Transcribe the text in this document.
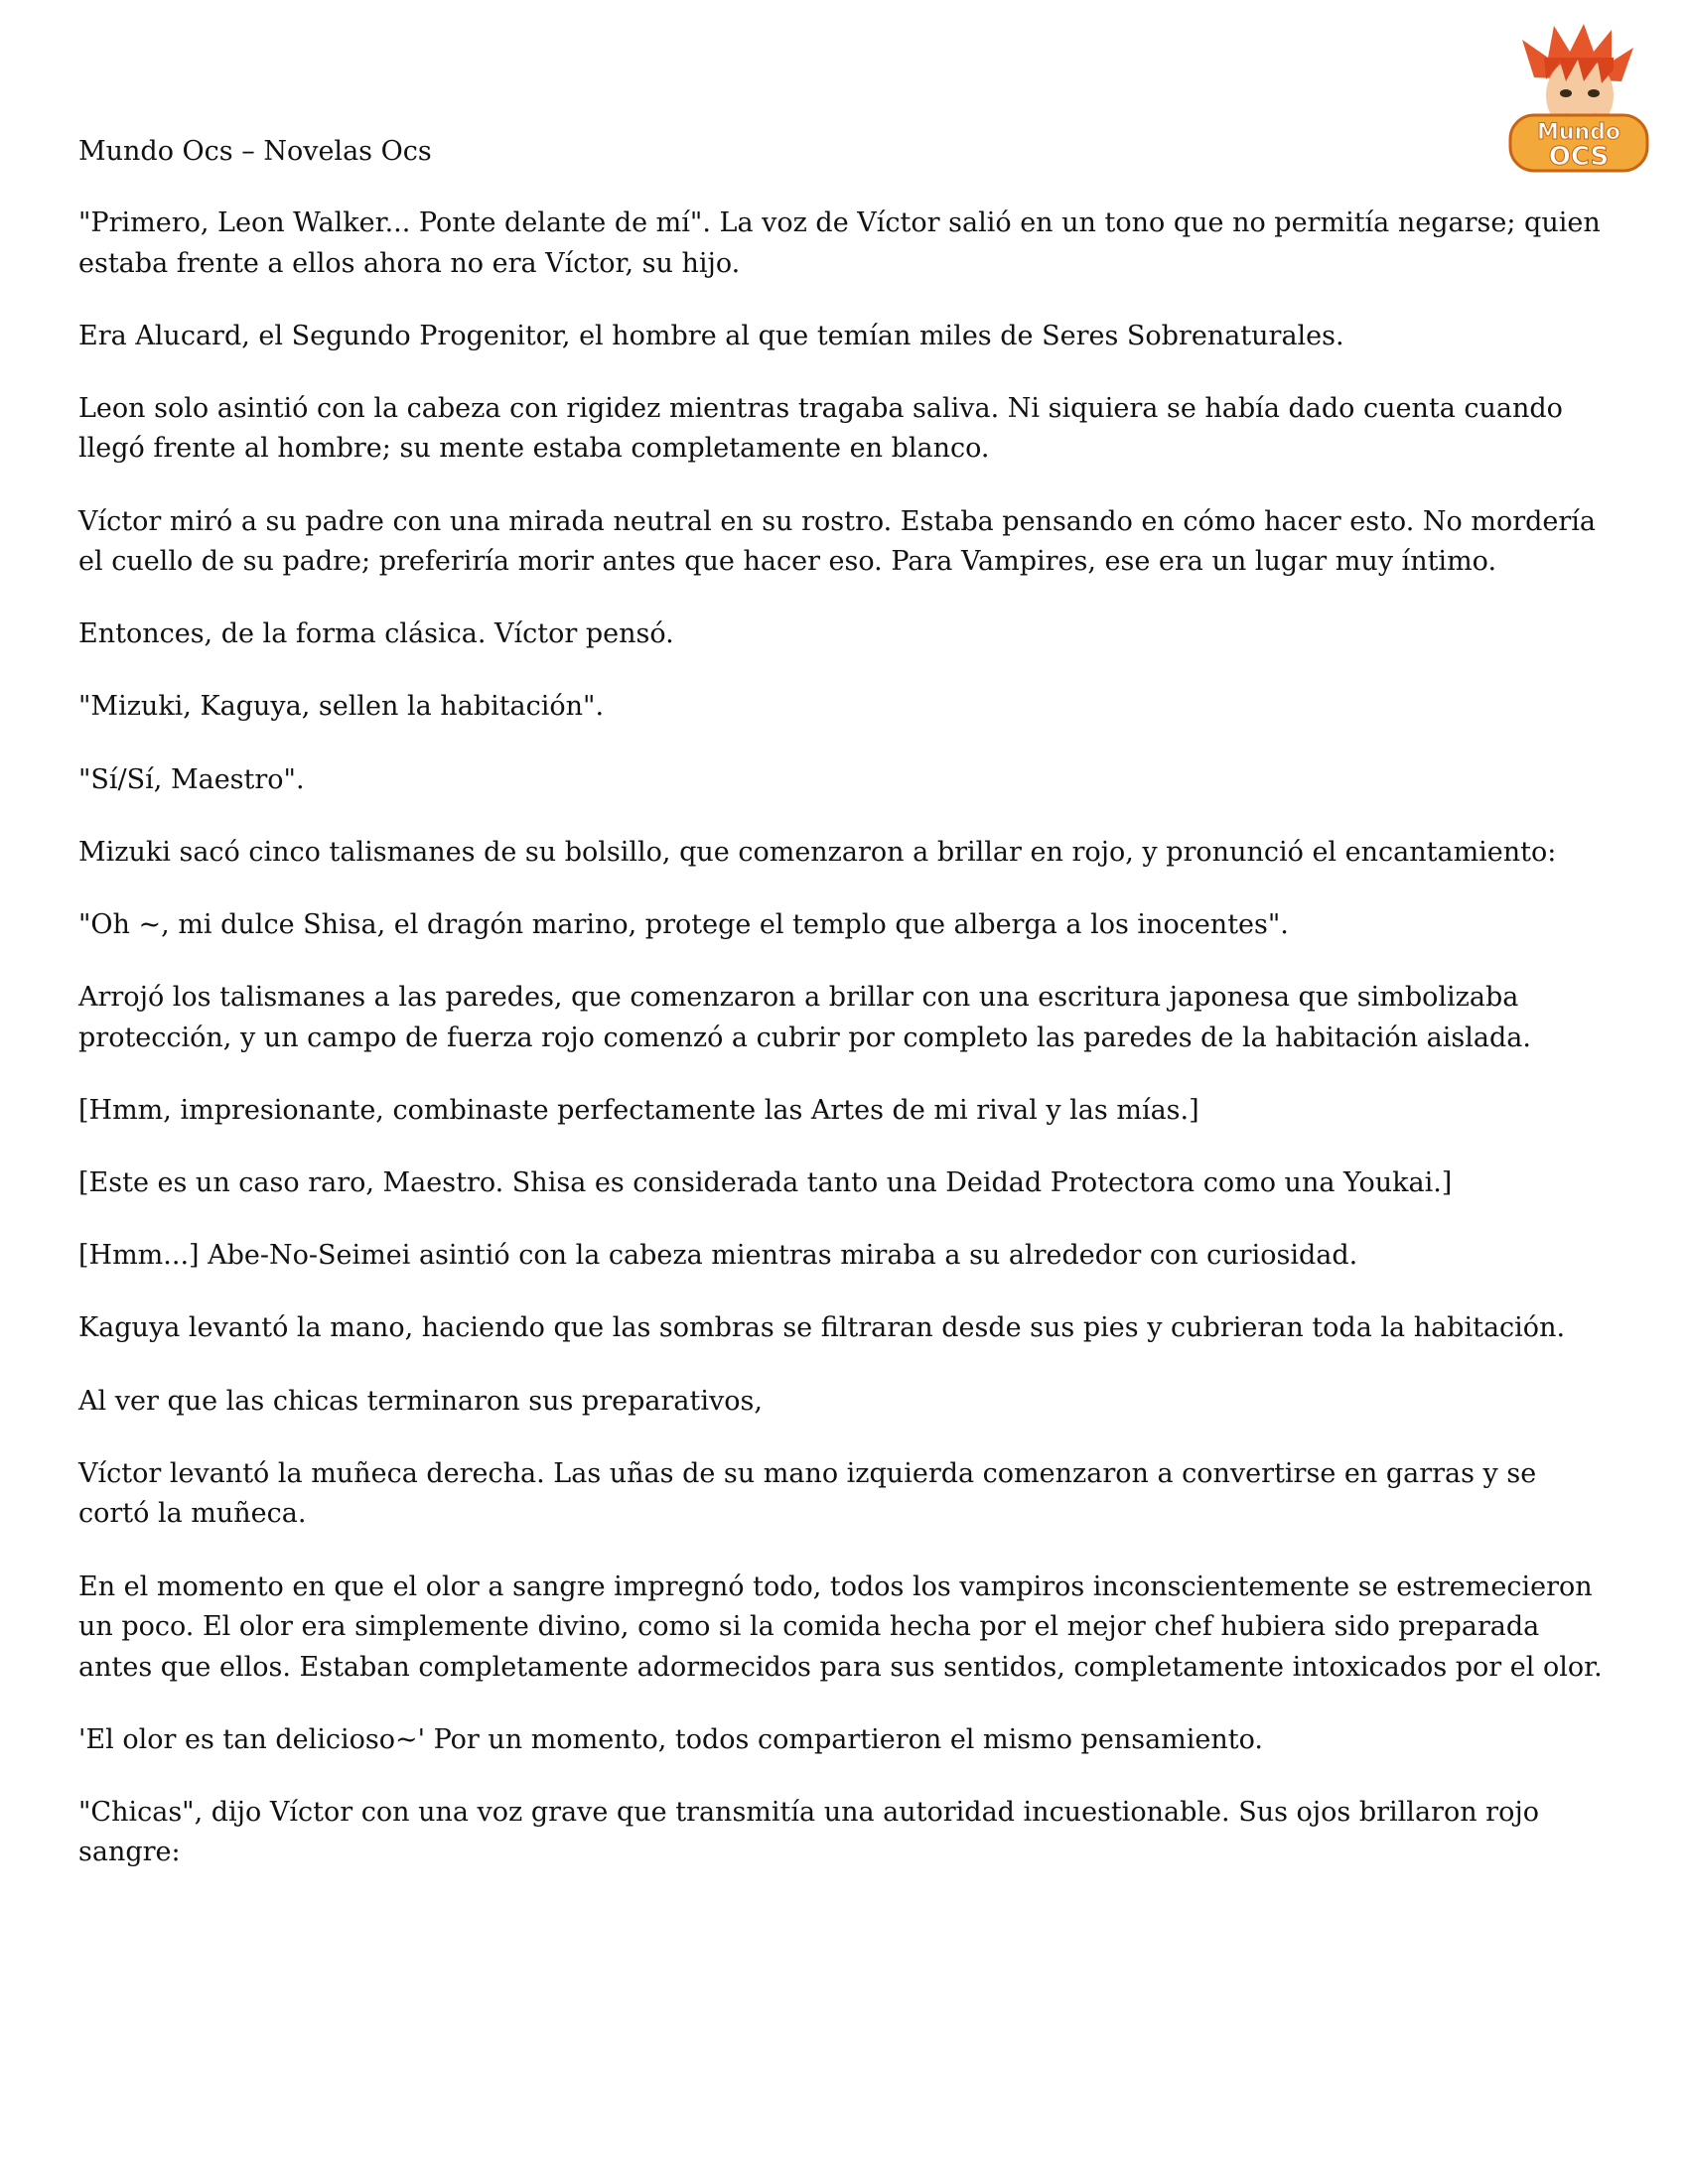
Mundo Ocs – Novelas Ocs

Mundo
OCS

"Primero, Leon Walker... Ponte delante de mí". La voz de Víctor salió en un tono que no permitía negarse; quien estaba frente a ellos ahora no era Víctor, su hijo.

Era Alucard, el Segundo Progenitor, el hombre al que temían miles de Seres Sobrenaturales.

Leon solo asintió con la cabeza con rigidez mientras tragaba saliva. Ni siquiera se había dado cuenta cuando llegó frente al hombre; su mente estaba completamente en blanco.

Víctor miró a su padre con una mirada neutral en su rostro. Estaba pensando en cómo hacer esto. No mordería el cuello de su padre; preferiría morir antes que hacer eso. Para Vampires, ese era un lugar muy íntimo.

Entonces, de la forma clásica. Víctor pensó.

"Mizuki, Kaguya, sellen la habitación".

"Sí/Sí, Maestro".

Mizuki sacó cinco talismanes de su bolsillo, que comenzaron a brillar en rojo, y pronunció el encantamiento:

"Oh ~, mi dulce Shisa, el dragón marino, protege el templo que alberga a los inocentes".

Arrojó los talismanes a las paredes, que comenzaron a brillar con una escritura japonesa que simbolizaba protección, y un campo de fuerza rojo comenzó a cubrir por completo las paredes de la habitación aislada.

[Hmm, impresionante, combinaste perfectamente las Artes de mi rival y las mías.]

[Este es un caso raro, Maestro. Shisa es considerada tanto una Deidad Protectora como una Youkai.]

[Hmm...] Abe-No-Seimei asintió con la cabeza mientras miraba a su alrededor con curiosidad.

Kaguya levantó la mano, haciendo que las sombras se filtraran desde sus pies y cubrieran toda la habitación.

Al ver que las chicas terminaron sus preparativos,

Víctor levantó la muñeca derecha. Las uñas de su mano izquierda comenzaron a convertirse en garras y se cortó la muñeca.

En el momento en que el olor a sangre impregnó todo, todos los vampiros inconscientemente se estremecieron un poco. El olor era simplemente divino, como si la comida hecha por el mejor chef hubiera sido preparada antes que ellos. Estaban completamente adormecidos para sus sentidos, completamente intoxicados por el olor.

'El olor es tan delicioso~' Por un momento, todos compartieron el mismo pensamiento.

"Chicas", dijo Víctor con una voz grave que transmitía una autoridad incuestionable. Sus ojos brillaron rojo sangre:
